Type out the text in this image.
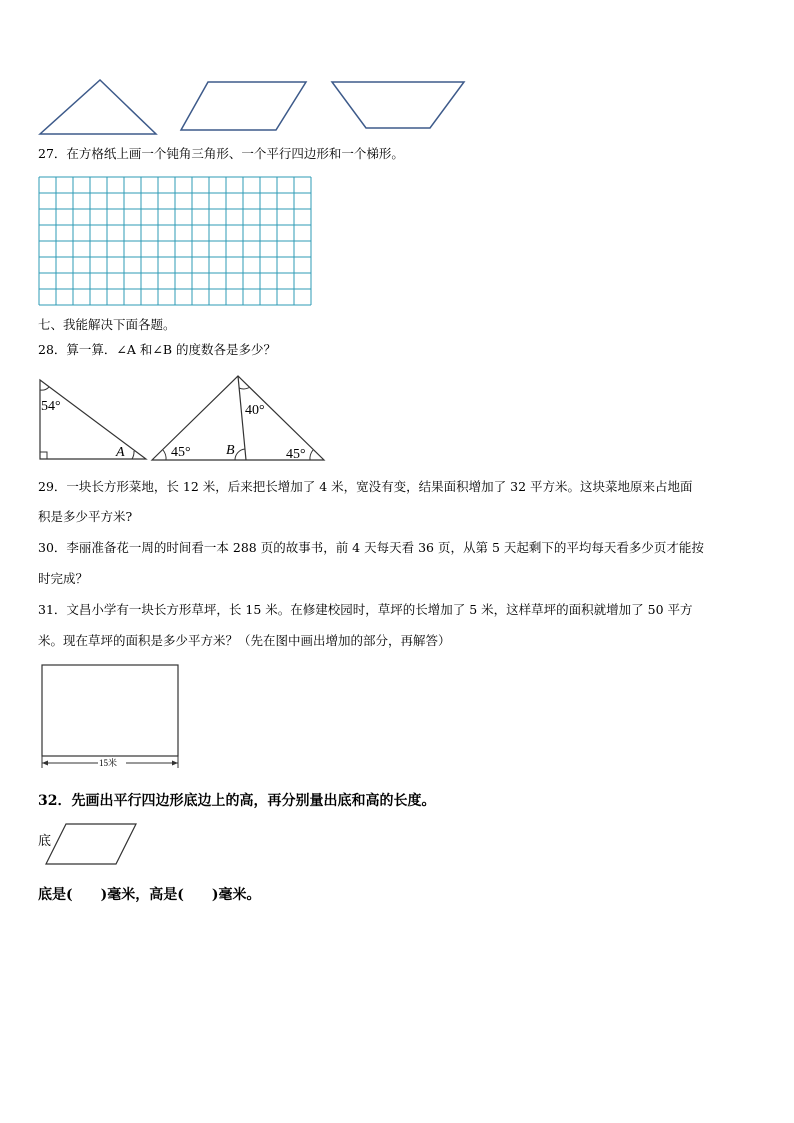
27．在方格纸上画一个钝角三角形、一个平行四边形和一个梯形。
七、我能解决下面各题。
28．算一算．∠A 和∠B 的度数各是多少？
54°
A
40°
45°	B	45°
29．一块长方形菜地，长 12 米，后来把长增加了 4 米，宽没有变，结果面积增加了 32 平方米。这块菜地原来占地面
积是多少平方米?
30．李丽准备花一周的时间看一本 288 页的故事书，前 4 天每天看 36 页，从第 5 天起剩下的平均每天看多少页才能按
时完成？
31．文昌小学有一块长方形草坪，长 15 米。在修建校园时，草坪的长增加了 5 米，这样草坪的面积就增加了 50 平方
米。现在草坪的面积是多少平方米？（先在图中画出增加的部分，再解答）
15米
32．先画出平行四边形底边上的高，再分别量出底和高的长度。
底
底是(　　)毫米，高是(　　)毫米。
